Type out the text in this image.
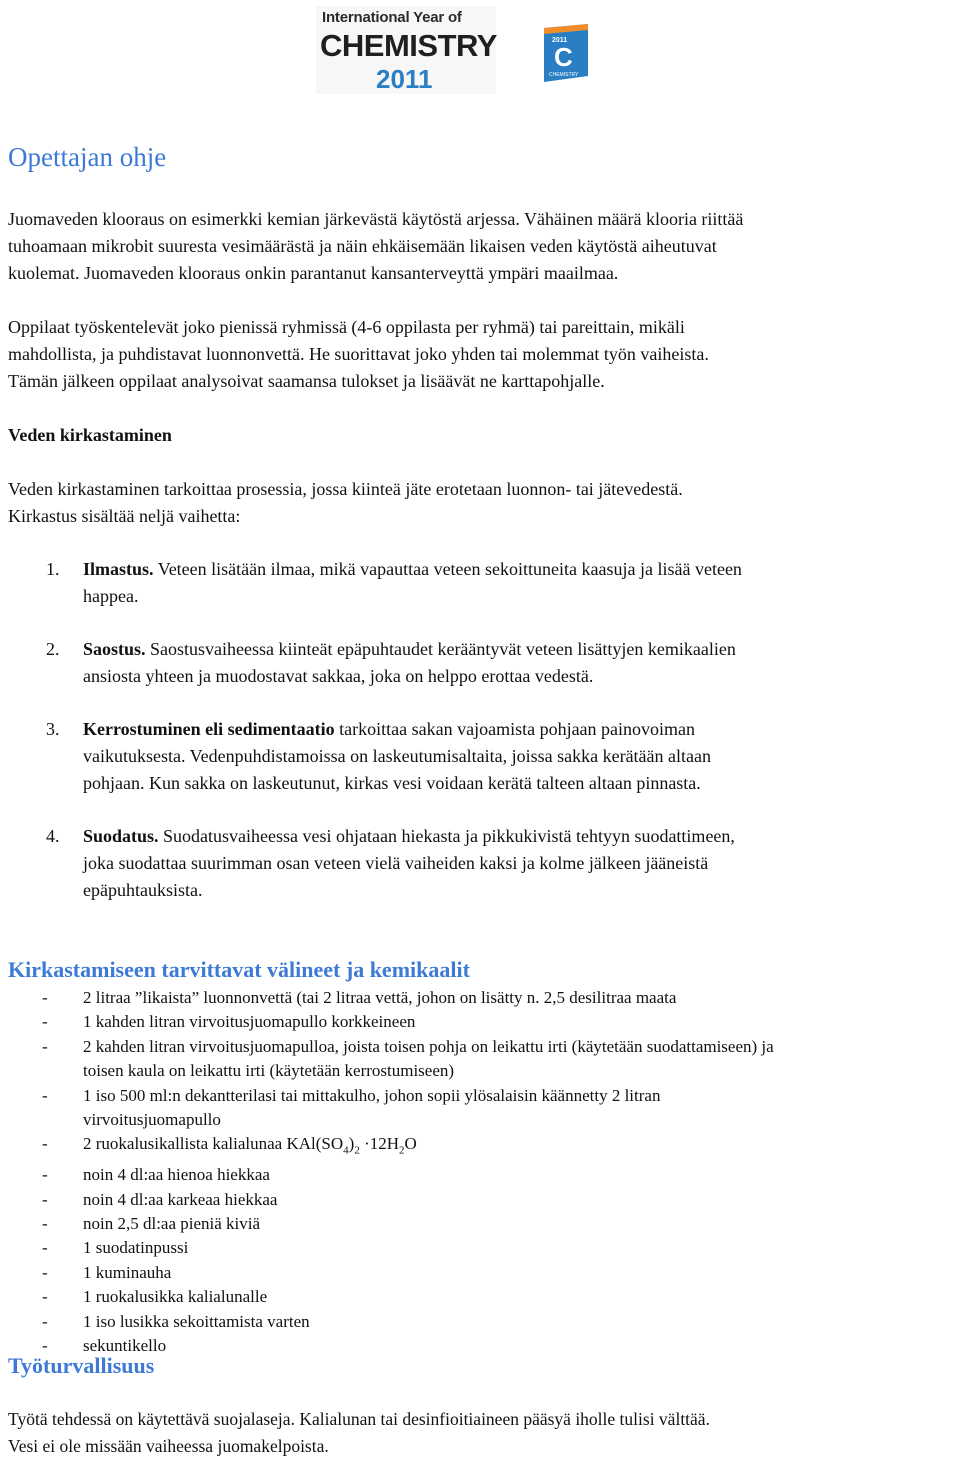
International Year of
CHEMISTRY
2011
2011
C
CHEMISTRY
Opettajan ohje
Juomaveden klooraus on esimerkki kemian järkevästä käytöstä arjessa. Vähäinen määrä klooria riittää
tuhoamaan mikrobit suuresta vesimäärästä ja näin ehkäisemään likaisen veden käytöstä aiheutuvat
kuolemat. Juomaveden klooraus onkin parantanut kansanterveyttä ympäri maailmaa.
Oppilaat työskentelevät joko pienissä ryhmissä (4-6 oppilasta per ryhmä) tai pareittain, mikäli
mahdollista, ja puhdistavat luonnonvettä. He suorittavat joko yhden tai molemmat työn vaiheista.
Tämän jälkeen oppilaat analysoivat saamansa tulokset ja lisäävät ne karttapohjalle.
Veden kirkastaminen
Veden kirkastaminen tarkoittaa prosessia, jossa kiinteä jäte erotetaan luonnon- tai jätevedestä.
Kirkastus sisältää neljä vaihetta:
1. Ilmastus. Veteen lisätään ilmaa, mikä vapauttaa veteen sekoittuneita kaasuja ja lisää veteen
happea.
2. Saostus. Saostusvaiheessa kiinteät epäpuhtaudet kerääntyvät veteen lisättyjen kemikaalien
ansiosta yhteen ja muodostavat sakkaa, joka on helppo erottaa vedestä.
3. Kerrostuminen eli sedimentaatio tarkoittaa sakan vajoamista pohjaan painovoiman
vaikutuksesta. Vedenpuhdistamoissa on laskeutumisaltaita, joissa sakka kerätään altaan
pohjaan. Kun sakka on laskeutunut, kirkas vesi voidaan kerätä talteen altaan pinnasta.
4. Suodatus. Suodatusvaiheessa vesi ohjataan hiekasta ja pikkukivistä tehtyyn suodattimeen,
joka suodattaa suurimman osan veteen vielä vaiheiden kaksi ja kolme jälkeen jääneistä
epäpuhtauksista.
Kirkastamiseen tarvittavat välineet ja kemikaalit
- 2 litraa ”likaista” luonnonvettä (tai 2 litraa vettä, johon on lisätty n. 2,5 desilitraa maata
- 1 kahden litran virvoitusjuomapullo korkkeineen
- 2 kahden litran virvoitusjuomapulloa, joista toisen pohja on leikattu irti (käytetään suodattamiseen) ja
toisen kaula on leikattu irti (käytetään kerrostumiseen)
- 1 iso 500 ml:n dekantterilasi tai mittakulho, johon sopii ylösalaisin käännetty 2 litran
virvoitusjuomapullo
- 2 ruokalusikallista kalialunaa $KAl(SO_4)_2 \cdot 12H_2O$
- noin 4 dl:aa hienoa hiekkaa
- noin 4 dl:aa karkeaa hiekkaa
- noin 2,5 dl:aa pieniä kiviä
- 1 suodatinpussi
- 1 kuminauha
- 1 ruokalusikka kalialunalle
- 1 iso lusikka sekoittamista varten
- sekuntikello
Työturvallisuus
Työtä tehdessä on käytettävä suojalaseja. Kalialunan tai desinfioitiaineen pääsyä iholle tulisi välttää.
Vesi ei ole missään vaiheessa juomakelpoista.
